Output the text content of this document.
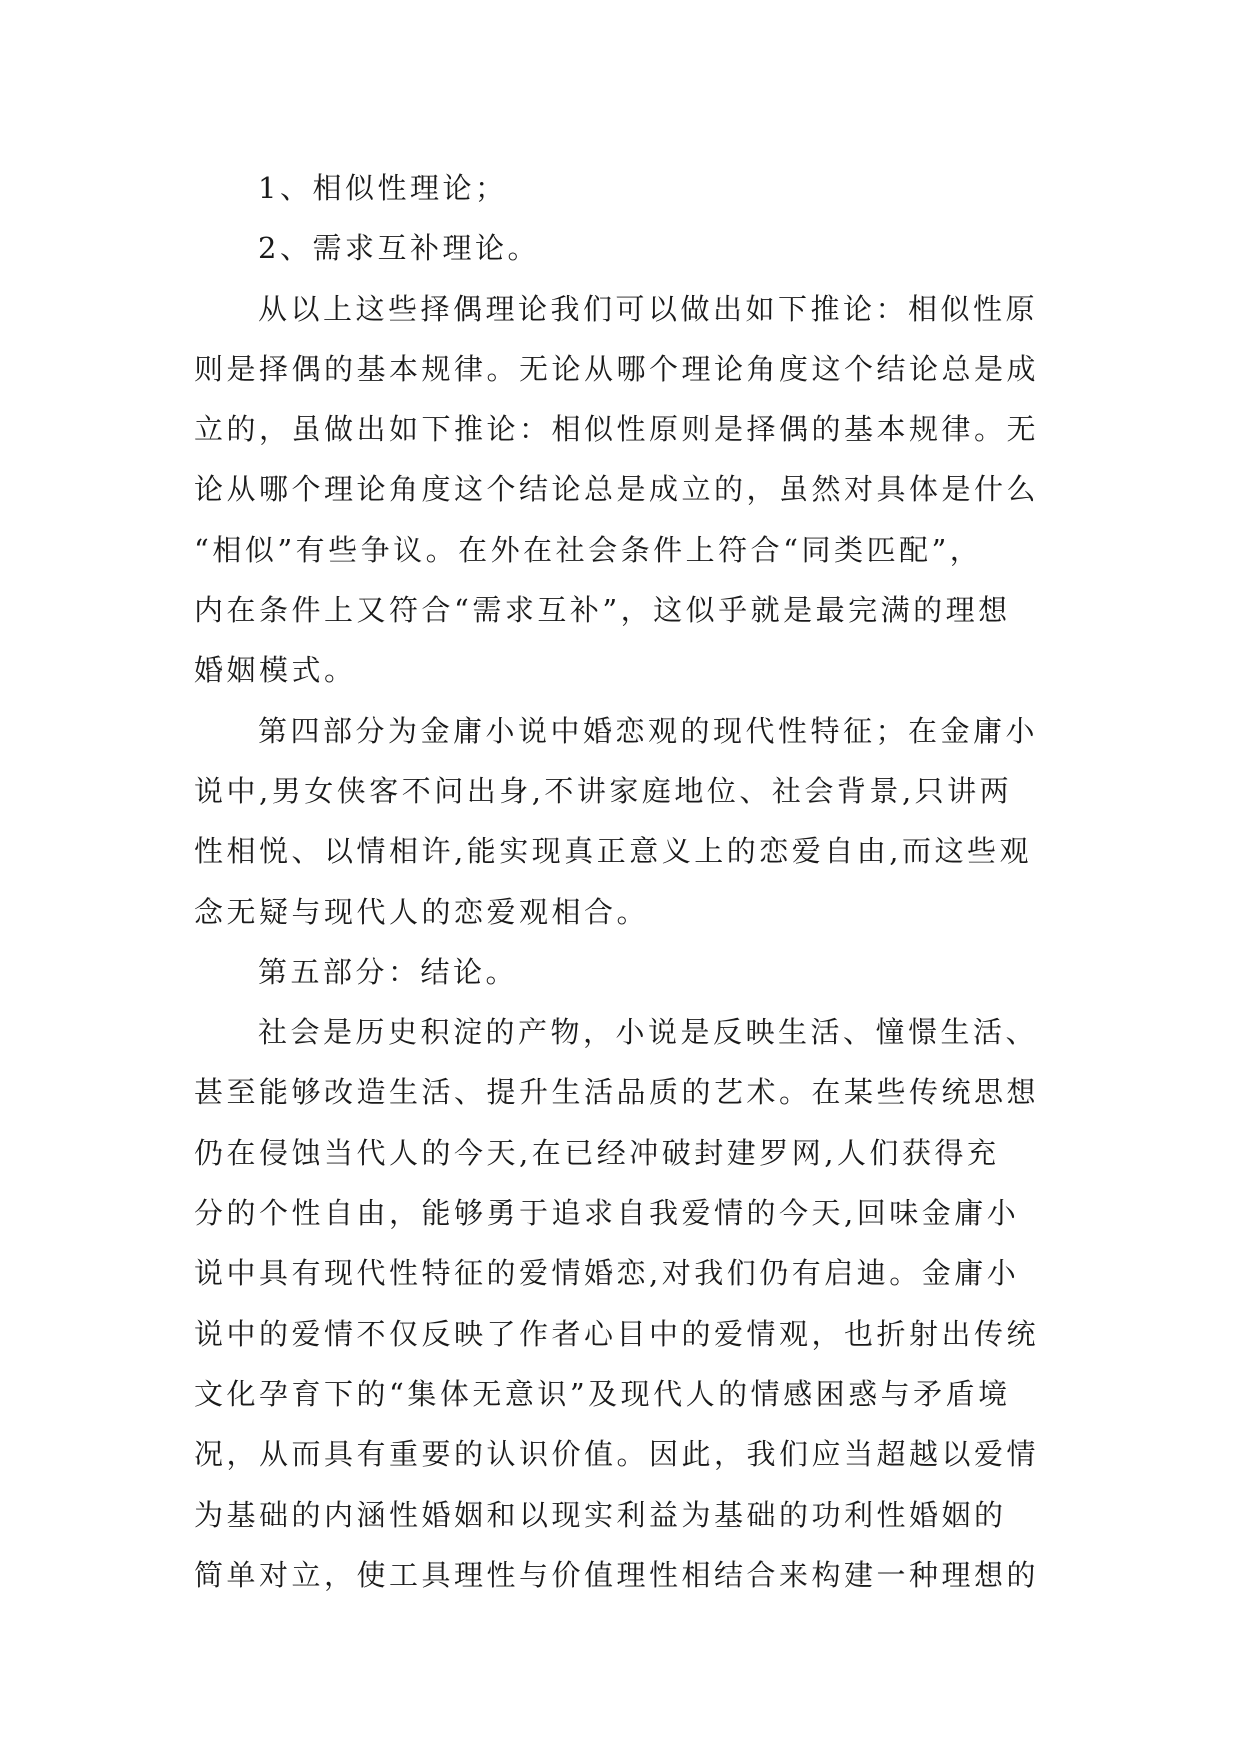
1、相似性理论；

2、需求互补理论。

从以上这些择偶理论我们可以做出如下推论：相似性原

则是择偶的基本规律。无论从哪个理论角度这个结论总是成

立的，虽做出如下推论：相似性原则是择偶的基本规律。无

论从哪个理论角度这个结论总是成立的，虽然对具体是什么

“相似”有些争议。在外在社会条件上符合“同类匹配”，

内在条件上又符合“需求互补”，这似乎就是最完满的理想

婚姻模式。

第四部分为金庸小说中婚恋观的现代性特征；在金庸小

说中,男女侠客不问出身,不讲家庭地位、社会背景,只讲两

性相悦、以情相许,能实现真正意义上的恋爱自由,而这些观

念无疑与现代人的恋爱观相合。

第五部分：结论。

社会是历史积淀的产物，小说是反映生活、憧憬生活、

甚至能够改造生活、提升生活品质的艺术。在某些传统思想

仍在侵蚀当代人的今天,在已经冲破封建罗网,人们获得充

分的个性自由，能够勇于追求自我爱情的今天,回味金庸小

说中具有现代性特征的爱情婚恋,对我们仍有启迪。金庸小

说中的爱情不仅反映了作者心目中的爱情观，也折射出传统

文化孕育下的“集体无意识”及现代人的情感困惑与矛盾境

况，从而具有重要的认识价值。因此，我们应当超越以爱情

为基础的内涵性婚姻和以现实利益为基础的功利性婚姻的

简单对立，使工具理性与价值理性相结合来构建一种理想的
